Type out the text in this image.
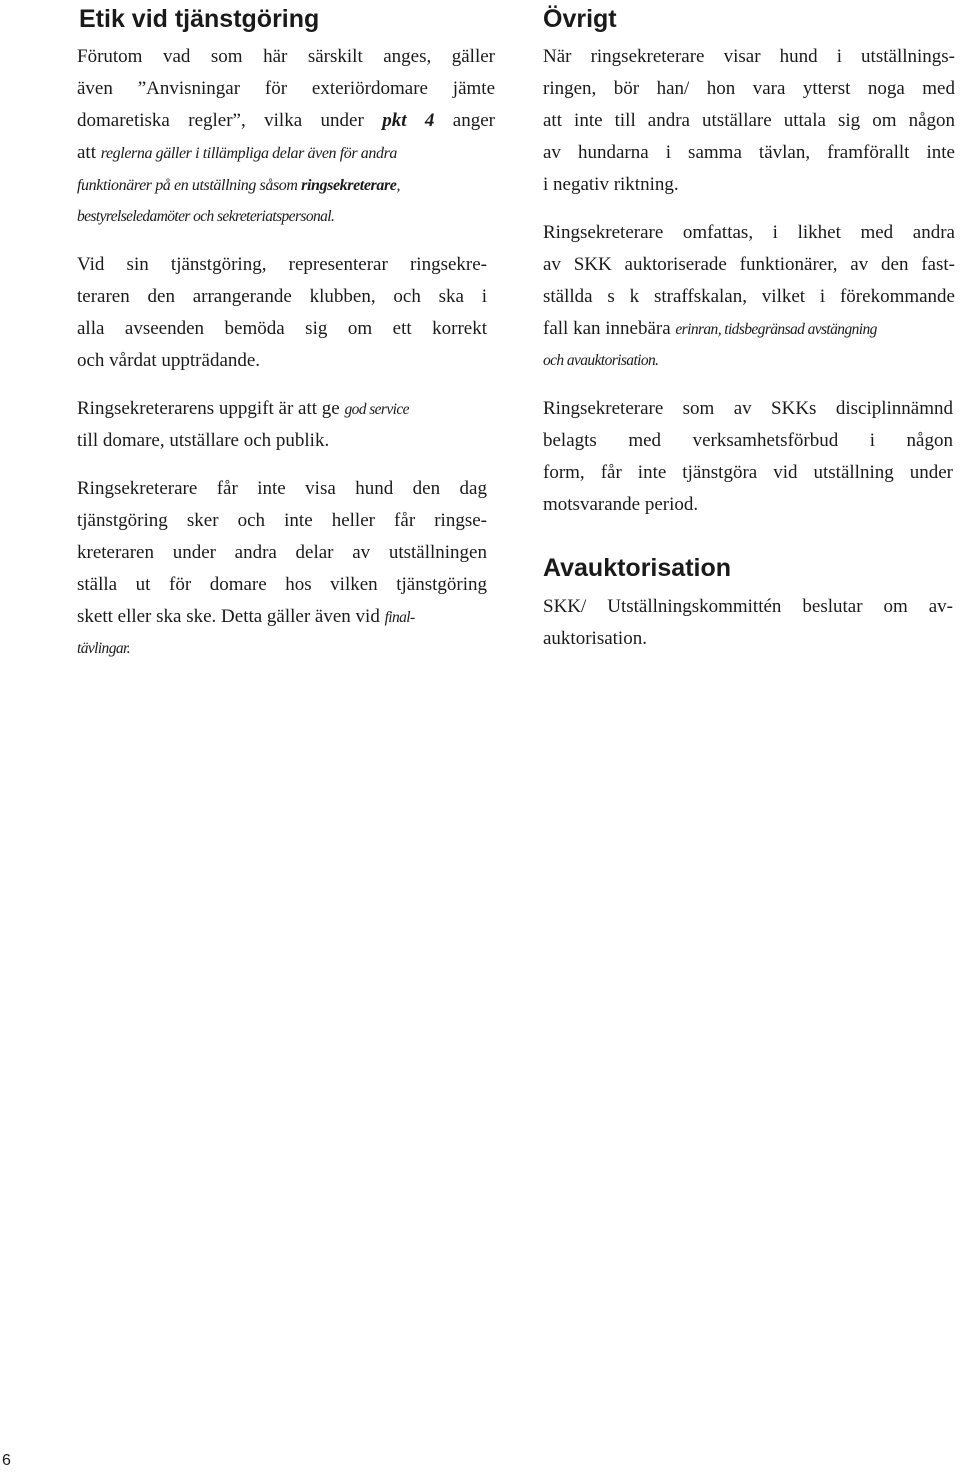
Etik vid tjänstgöring
Förutom vad som här särskilt anges, gäller
även ”Anvisningar för exteriördomare jämte
domaretiska regler”, vilka under pkt 4 anger
att reglerna gäller i tillämpliga delar även för andra
funktionärer på en utställning såsom ringsekreterare,
bestyrelseledamöter och sekreteriatspersonal.
Vid sin tjänstgöring, representerar ringsekre-
teraren den arrangerande klubben, och ska i
alla avseenden bemöda sig om ett korrekt
och vårdat uppträdande.
Ringsekreterarens uppgift är att ge god service
till domare, utställare och publik.
Ringsekreterare får inte visa hund den dag
tjänstgöring sker och inte heller får ringse-
kreteraren under andra delar av utställningen
ställa ut för domare hos vilken tjänstgöring
skett eller ska ske. Detta gäller även vid final-
tävlingar.
Övrigt
När ringsekreterare visar hund i utställnings-
ringen, bör han/ hon vara ytterst noga med
att inte till andra utställare uttala sig om någon
av hundarna i samma tävlan, framförallt inte
i negativ riktning.
Ringsekreterare omfattas, i likhet med andra
av SKK auktoriserade funktionärer, av den fast-
ställda s k straffskalan, vilket i förekommande
fall kan innebära erinran, tidsbegränsad avstängning
och avauktorisation.
Ringsekreterare som av SKKs disciplinnämnd
belagts med verksamhetsförbud i någon
form, får inte tjänstgöra vid utställning under
motsvarande period.
Avauktorisation
SKK/ Utställningskommittén beslutar om av-
auktorisation.
6
